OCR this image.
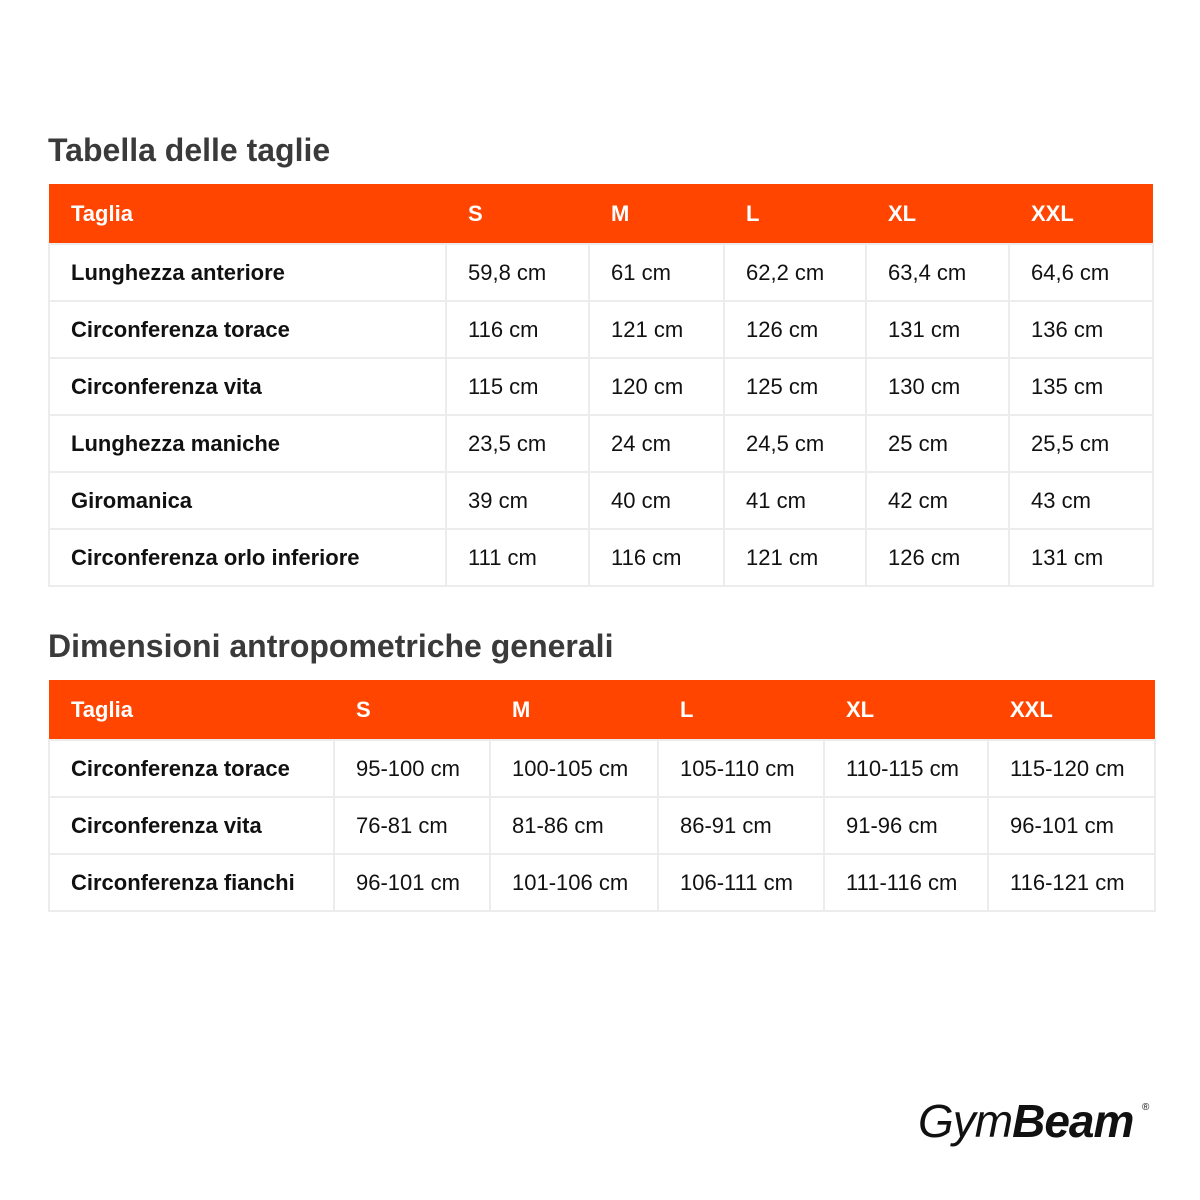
Tabella delle taglie
Taglia	S	M	L	XL	XXL
Lunghezza anteriore	59,8 cm	61 cm	62,2 cm	63,4 cm	64,6 cm
Circonferenza torace	116 cm	121 cm	126 cm	131 cm	136 cm
Circonferenza vita	115 cm	120 cm	125 cm	130 cm	135 cm
Lunghezza maniche	23,5 cm	24 cm	24,5 cm	25 cm	25,5 cm
Giromanica	39 cm	40 cm	41 cm	42 cm	43 cm
Circonferenza orlo inferiore	111 cm	116 cm	121 cm	126 cm	131 cm
Dimensioni antropometriche generali
Taglia	S	M	L	XL	XXL
Circonferenza torace	95-100 cm	100-105 cm	105-110 cm	110-115 cm	115-120 cm
Circonferenza vita	76-81 cm	81-86 cm	86-91 cm	91-96 cm	96-101 cm
Circonferenza fianchi	96-101 cm	101-106 cm	106-111 cm	111-116 cm	116-121 cm
GymBeam ®
